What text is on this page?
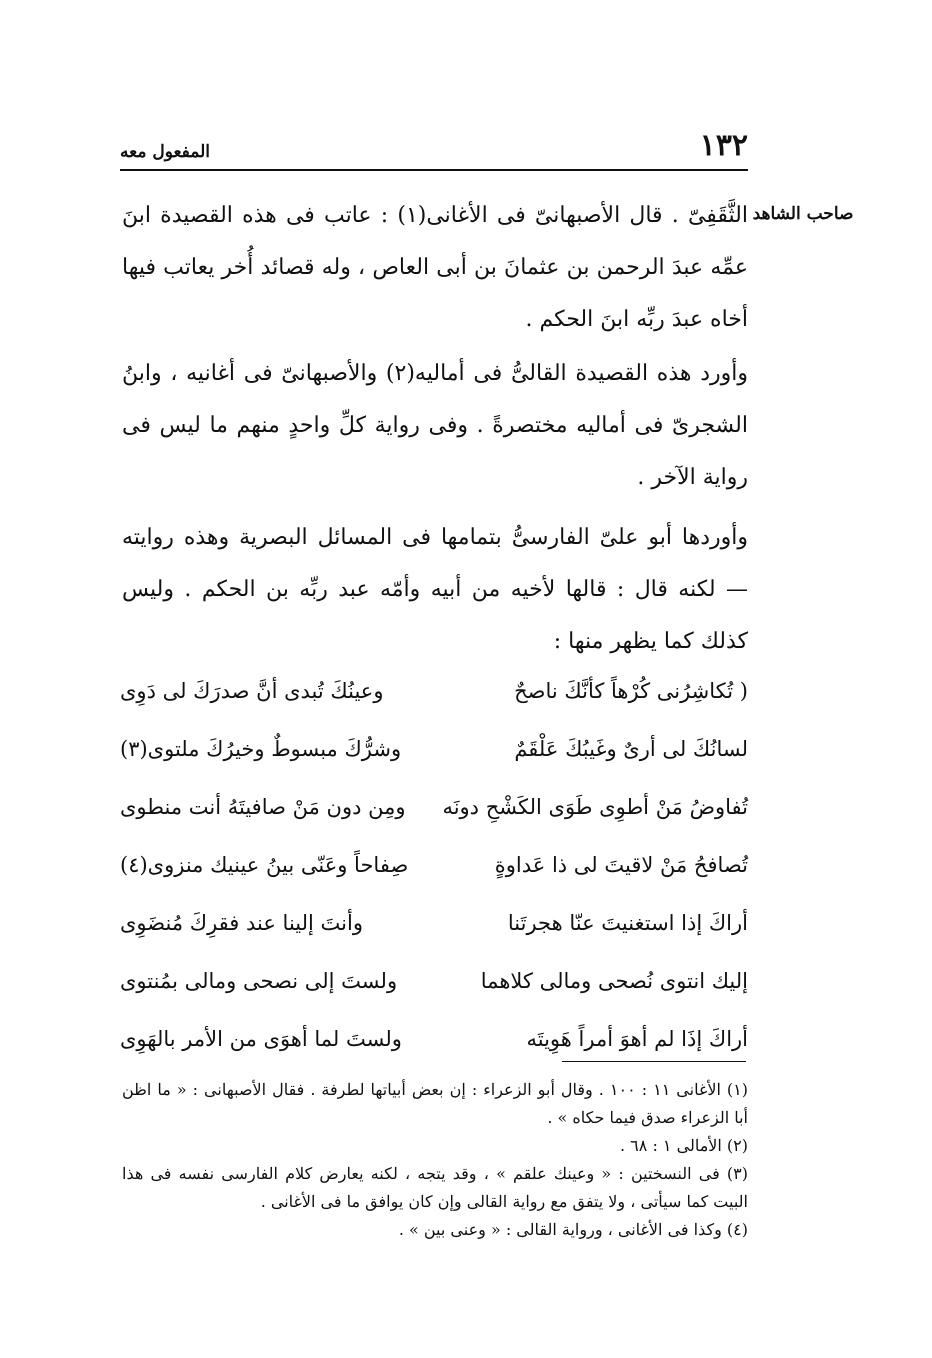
١٣٢
المفعول معه
صاحب الشاهد
الثَّقَفِىّ . قال الأصبهانىّ فى الأغانى(١) : عاتب فى هذه القصيدة ابنَ عمِّه عبدَ الرحمن بن عثمانَ بن أبى العاص ، وله قصائد أُخر يعاتب فيها أخاه عبدَ ربِّه ابنَ الحكم .
وأورد هذه القصيدة القالىُّ فى أماليه(٢) والأصبهانىّ فى أغانيه ، وابنُ الشجرىّ فى أماليه مختصرةً . وفى رواية كلِّ واحدٍ منهم ما ليس فى رواية الآخر .
وأوردها أبو علىّ الفارسىُّ بتمامها فى المسائل البصرية وهذه روايته — لكنه قال : قالها لأخيه من أبيه وأمّه عبد ربِّه بن الحكم . وليس كذلك كما يظهر منها :
( تُكاشِرُنى كُرْهاً كأنَّكَ ناصحٌ
وعينُكَ تُبدى أنَّ صدرَكَ لى دَوِى
لسانُكَ لى أرىٌ وغَيبُكَ عَلْقَمٌ
وشرُّكَ مبسوطٌ وخيرُكَ ملتوى(٣)
تُفاوضُ مَنْ أطوِى طَوَى الكَشْحِ دونَه
ومِن دون مَنْ صافيتَهُ أنت منطوى
تُصافحُ مَنْ لاقيتَ لى ذا عَداوةٍ
صِفاحاً وعَنّى بينُ عينيك منزوى(٤)
أراكَ إذا استغنيتَ عنّا هجرتَنا
وأنتَ إلينا عند فقرِكَ مُنضَوِى
إليك انتوى نُصحى ومالى كلاهما
ولستَ إلى نصحى ومالى بمُنتوى
أراكَ إذَا لم أهوَ أمراً هَوِيتَه
ولستَ لما أهوَى من الأمر بالهَوِى

(١) الأغانى ١١ : ١٠٠ . وقال أبو الزعراء : إن بعض أبياتها لطرفة . فقال الأصبهانى : « ما اظن أبا الزعراء صدق فيما حكاه » .

(٢) الأمالى ١ : ٦٨ .

(٣) فى النسختين : « وعينك علقم » ، وقد يتجه ، لكنه يعارض كلام الفارسى نفسه فى هذا البيت كما سيأتى ، ولا يتفق مع رواية القالى وإن كان يوافق ما فى الأغانى .

(٤) وكذا فى الأغانى ، ورواية القالى : « وعنى بين » .
